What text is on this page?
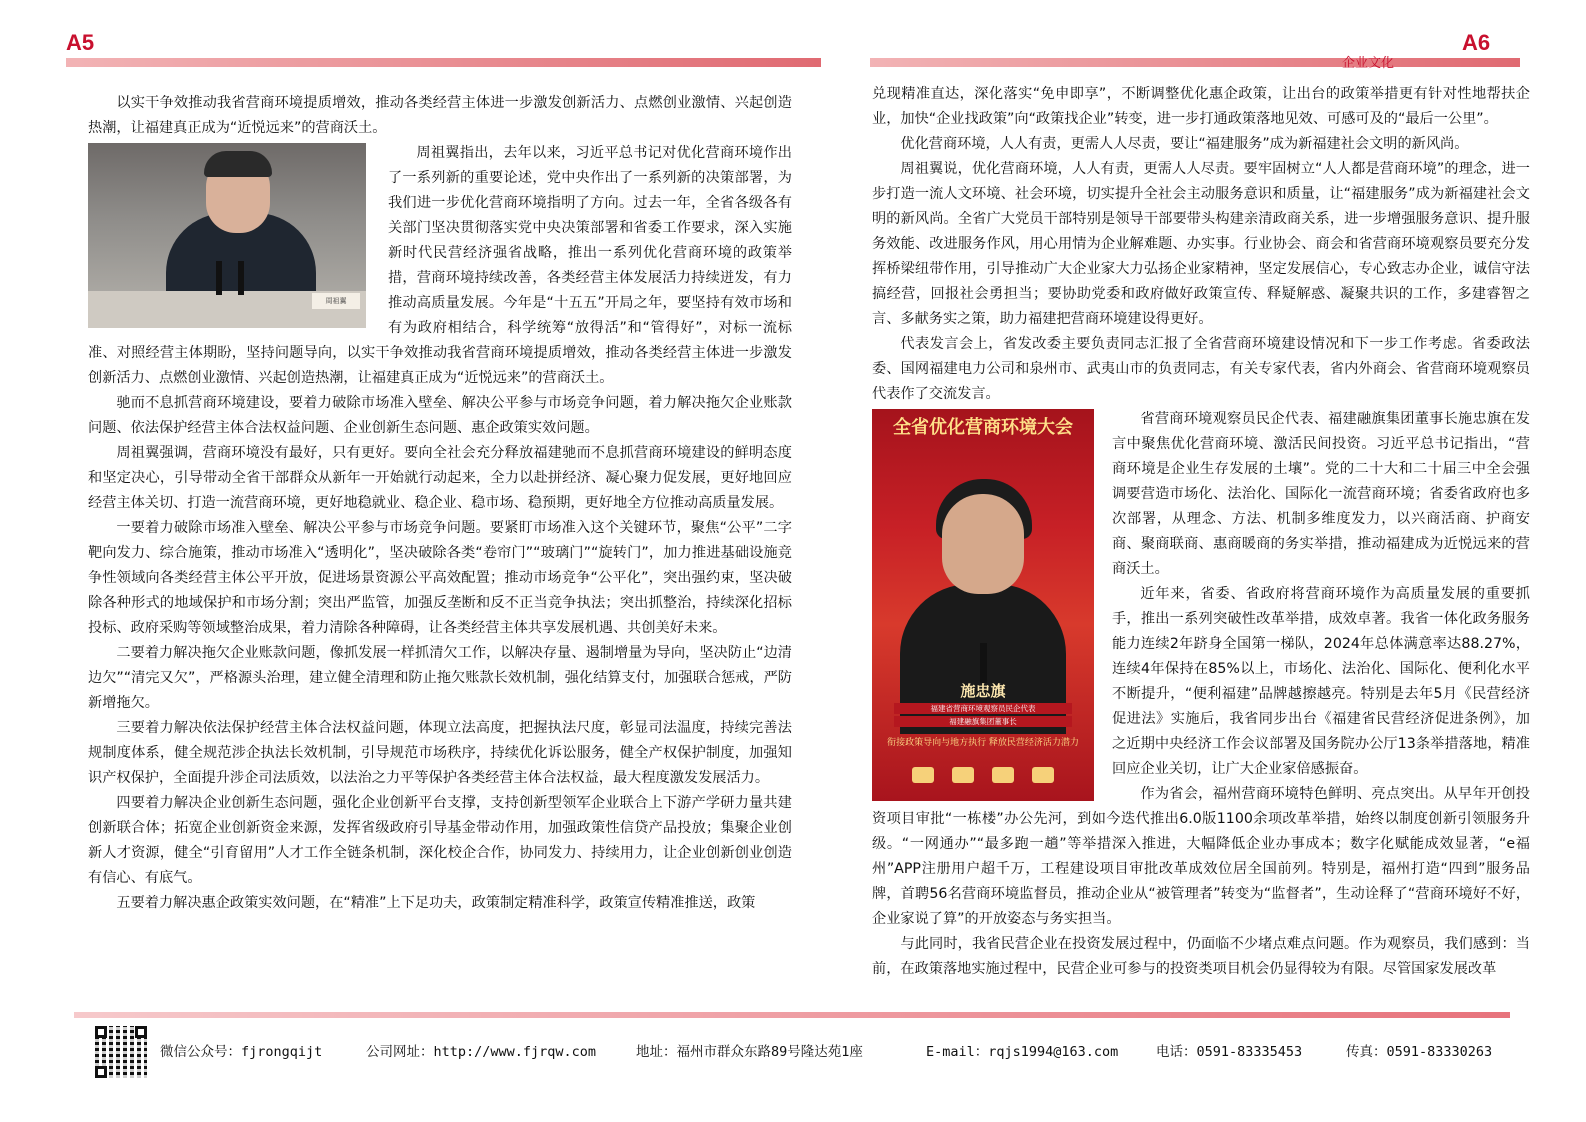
A5	A6
企业文化

以实干争效推动我省营商环境提质增效，推动各类经营主体进一步激发创新活力、点燃创业激情、兴起创造热潮，让福建真正成为“近悦远来”的营商沃土。

周祖翼

周祖翼指出，去年以来，习近平总书记对优化营商环境作出了一系列新的重要论述，党中央作出了一系列新的决策部署，为我们进一步优化营商环境指明了方向。过去一年，全省各级各有关部门坚决贯彻落实党中央决策部署和省委工作要求，深入实施新时代民营经济强省战略，推出一系列优化营商环境的政策举措，营商环境持续改善，各类经营主体发展活力持续迸发，有力推动高质量发展。今年是“十五五”开局之年，要坚持有效市场和有为政府相结合，科学统筹“放得活”和“管得好”，对标一流标准、对照经营主体期盼，坚持问题导向，以实干争效推动我省营商环境提质增效，推动各类经营主体进一步激发创新活力、点燃创业激情、兴起创造热潮，让福建真正成为“近悦远来”的营商沃土。

驰而不息抓营商环境建设，要着力破除市场准入壁垒、解决公平参与市场竞争问题，着力解决拖欠企业账款问题、依法保护经营主体合法权益问题、企业创新生态问题、惠企政策实效问题。

周祖翼强调，营商环境没有最好，只有更好。要向全社会充分释放福建驰而不息抓营商环境建设的鲜明态度和坚定决心，引导带动全省干部群众从新年一开始就行动起来，全力以赴拼经济、凝心聚力促发展，更好地回应经营主体关切、打造一流营商环境，更好地稳就业、稳企业、稳市场、稳预期，更好地全方位推动高质量发展。

一要着力破除市场准入壁垒、解决公平参与市场竞争问题。要紧盯市场准入这个关键环节，聚焦“公平”二字靶向发力、综合施策，推动市场准入“透明化”，坚决破除各类“卷帘门”“玻璃门”“旋转门”，加力推进基础设施竞争性领域向各类经营主体公平开放，促进场景资源公平高效配置；推动市场竞争“公平化”，突出强约束，坚决破除各种形式的地域保护和市场分割；突出严监管，加强反垄断和反不正当竞争执法；突出抓整治，持续深化招标投标、政府采购等领域整治成果，着力清除各种障碍，让各类经营主体共享发展机遇、共创美好未来。

二要着力解决拖欠企业账款问题，像抓发展一样抓清欠工作，以解决存量、遏制增量为导向，坚决防止“边清边欠”“清完又欠”，严格源头治理，建立健全清理和防止拖欠账款长效机制，强化结算支付，加强联合惩戒，严防新增拖欠。

三要着力解决依法保护经营主体合法权益问题，体现立法高度，把握执法尺度，彰显司法温度，持续完善法规制度体系，健全规范涉企执法长效机制，引导规范市场秩序，持续优化诉讼服务，健全产权保护制度，加强知识产权保护，全面提升涉企司法质效，以法治之力平等保护各类经营主体合法权益，最大程度激发发展活力。

四要着力解决企业创新生态问题，强化企业创新平台支撑，支持创新型领军企业联合上下游产学研力量共建创新联合体；拓宽企业创新资金来源，发挥省级政府引导基金带动作用，加强政策性信贷产品投放；集聚企业创新人才资源，健全“引育留用”人才工作全链条机制，深化校企合作，协同发力、持续用力，让企业创新创业创造有信心、有底气。

五要着力解决惠企政策实效问题，在“精准”上下足功夫，政策制定精准科学，政策宣传精准推送，政策

兑现精准直达，深化落实“免申即享”，不断调整优化惠企政策，让出台的政策举措更有针对性地帮扶企业，加快“企业找政策”向“政策找企业”转变，进一步打通政策落地见效、可感可及的“最后一公里”。

优化营商环境，人人有责，更需人人尽责，要让“福建服务”成为新福建社会文明的新风尚。

周祖翼说，优化营商环境，人人有责，更需人人尽责。要牢固树立“人人都是营商环境”的理念，进一步打造一流人文环境、社会环境，切实提升全社会主动服务意识和质量，让“福建服务”成为新福建社会文明的新风尚。全省广大党员干部特别是领导干部要带头构建亲清政商关系，进一步增强服务意识、提升服务效能、改进服务作风，用心用情为企业解难题、办实事。行业协会、商会和省营商环境观察员要充分发挥桥梁纽带作用，引导推动广大企业家大力弘扬企业家精神，坚定发展信心，专心致志办企业，诚信守法搞经营，回报社会勇担当；要协助党委和政府做好政策宣传、释疑解惑、凝聚共识的工作，多建睿智之言、多献务实之策，助力福建把营商环境建设得更好。

代表发言会上，省发改委主要负责同志汇报了全省营商环境建设情况和下一步工作考虑。省委政法委、国网福建电力公司和泉州市、武夷山市的负责同志，有关专家代表，省内外商会、省营商环境观察员代表作了交流发言。

全省优化营商环境大会
施忠旗
福建省营商环境观察员民企代表
福建融旗集团董事长
衔接政策导向与地方执行 释放民营经济活力潜力

省营商环境观察员民企代表、福建融旗集团董事长施忠旗在发言中聚焦优化营商环境、激活民间投资。习近平总书记指出，“营商环境是企业生存发展的土壤”。党的二十大和二十届三中全会强调要营造市场化、法治化、国际化一流营商环境；省委省政府也多次部署，从理念、方法、机制多维度发力，以兴商活商、护商安商、聚商联商、惠商暖商的务实举措，推动福建成为近悦远来的营商沃土。

近年来，省委、省政府将营商环境作为高质量发展的重要抓手，推出一系列突破性改革举措，成效卓著。我省一体化政务服务能力连续2年跻身全国第一梯队，2024年总体满意率达88.27%，连续4年保持在85%以上，市场化、法治化、国际化、便利化水平不断提升，“便利福建”品牌越擦越亮。特别是去年5月《民营经济促进法》实施后，我省同步出台《福建省民营经济促进条例》，加之近期中央经济工作会议部署及国务院办公厅13条举措落地，精准回应企业关切，让广大企业家倍感振奋。

作为省会，福州营商环境特色鲜明、亮点突出。从早年开创投资项目审批“一栋楼”办公先河，到如今迭代推出6.0版1100余项改革举措，始终以制度创新引领服务升级。“一网通办”“最多跑一趟”等举措深入推进，大幅降低企业办事成本；数字化赋能成效显著，“e福州”APP注册用户超千万，工程建设项目审批改革成效位居全国前列。特别是，福州打造“四到”服务品牌，首聘56名营商环境监督员，推动企业从“被管理者”转变为“监督者”，生动诠释了“营商环境好不好，企业家说了算”的开放姿态与务实担当。

与此同时，我省民营企业在投资发展过程中，仍面临不少堵点难点问题。作为观察员，我们感到：当前，在政策落地实施过程中，民营企业可参与的投资类项目机会仍显得较为有限。尽管国家发展改革

微信公众号：fjrongqijt	公司网址：http://www.fjrqw.com	地址：福州市群众东路89号隆达苑1座	E-mail：rqjs1994@163.com	电话：0591-83335453	传真：0591-83330263
